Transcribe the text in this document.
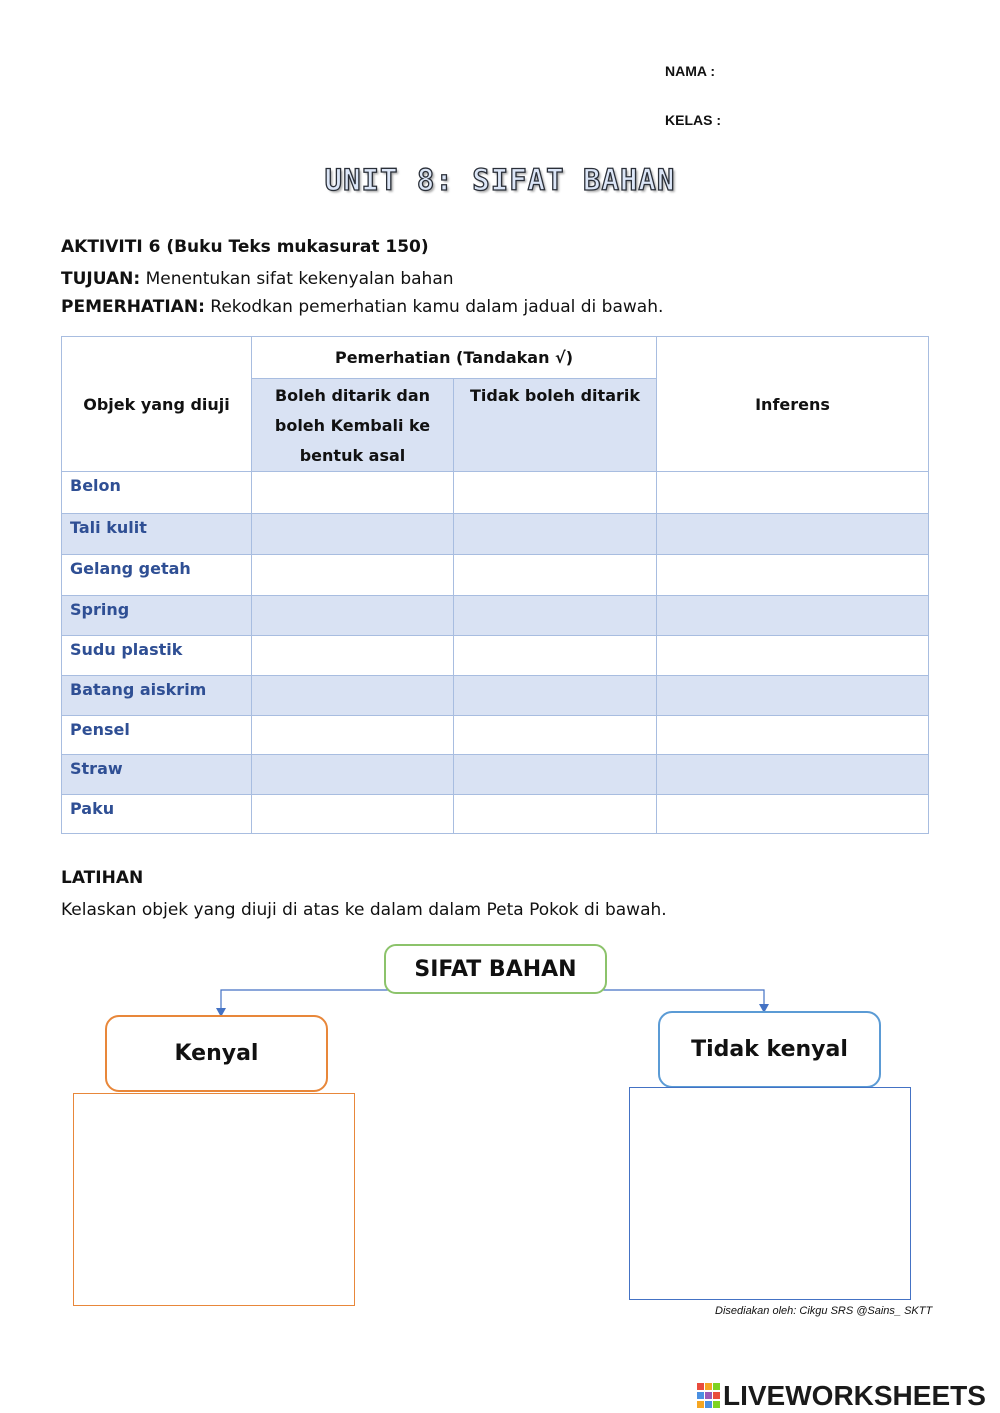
NAMA :
KELAS :
UNIT 8: SIFAT BAHAN
AKTIVITI 6 (Buku Teks mukasurat 150)
TUJUAN: Menentukan sifat kekenyalan bahan
PEMERHATIAN: Rekodkan pemerhatian kamu dalam jadual di bawah.
Objek yang diuji	Pemerhatian (Tandakan √)		Inferens
	Boleh ditarik dan boleh Kembali ke bentuk asal	Tidak boleh ditarik	
Belon			
Tali kulit			
Gelang getah			
Spring			
Sudu plastik			
Batang aiskrim			
Pensel			
Straw			
Paku			
LATIHAN
Kelaskan objek yang diuji di atas ke dalam dalam Peta Pokok di bawah.
SIFAT BAHAN
Kenyal	Tidak kenyal
Disediakan oleh: Cikgu SRS @Sains_ SKTT
LIVEWORKSHEETS
